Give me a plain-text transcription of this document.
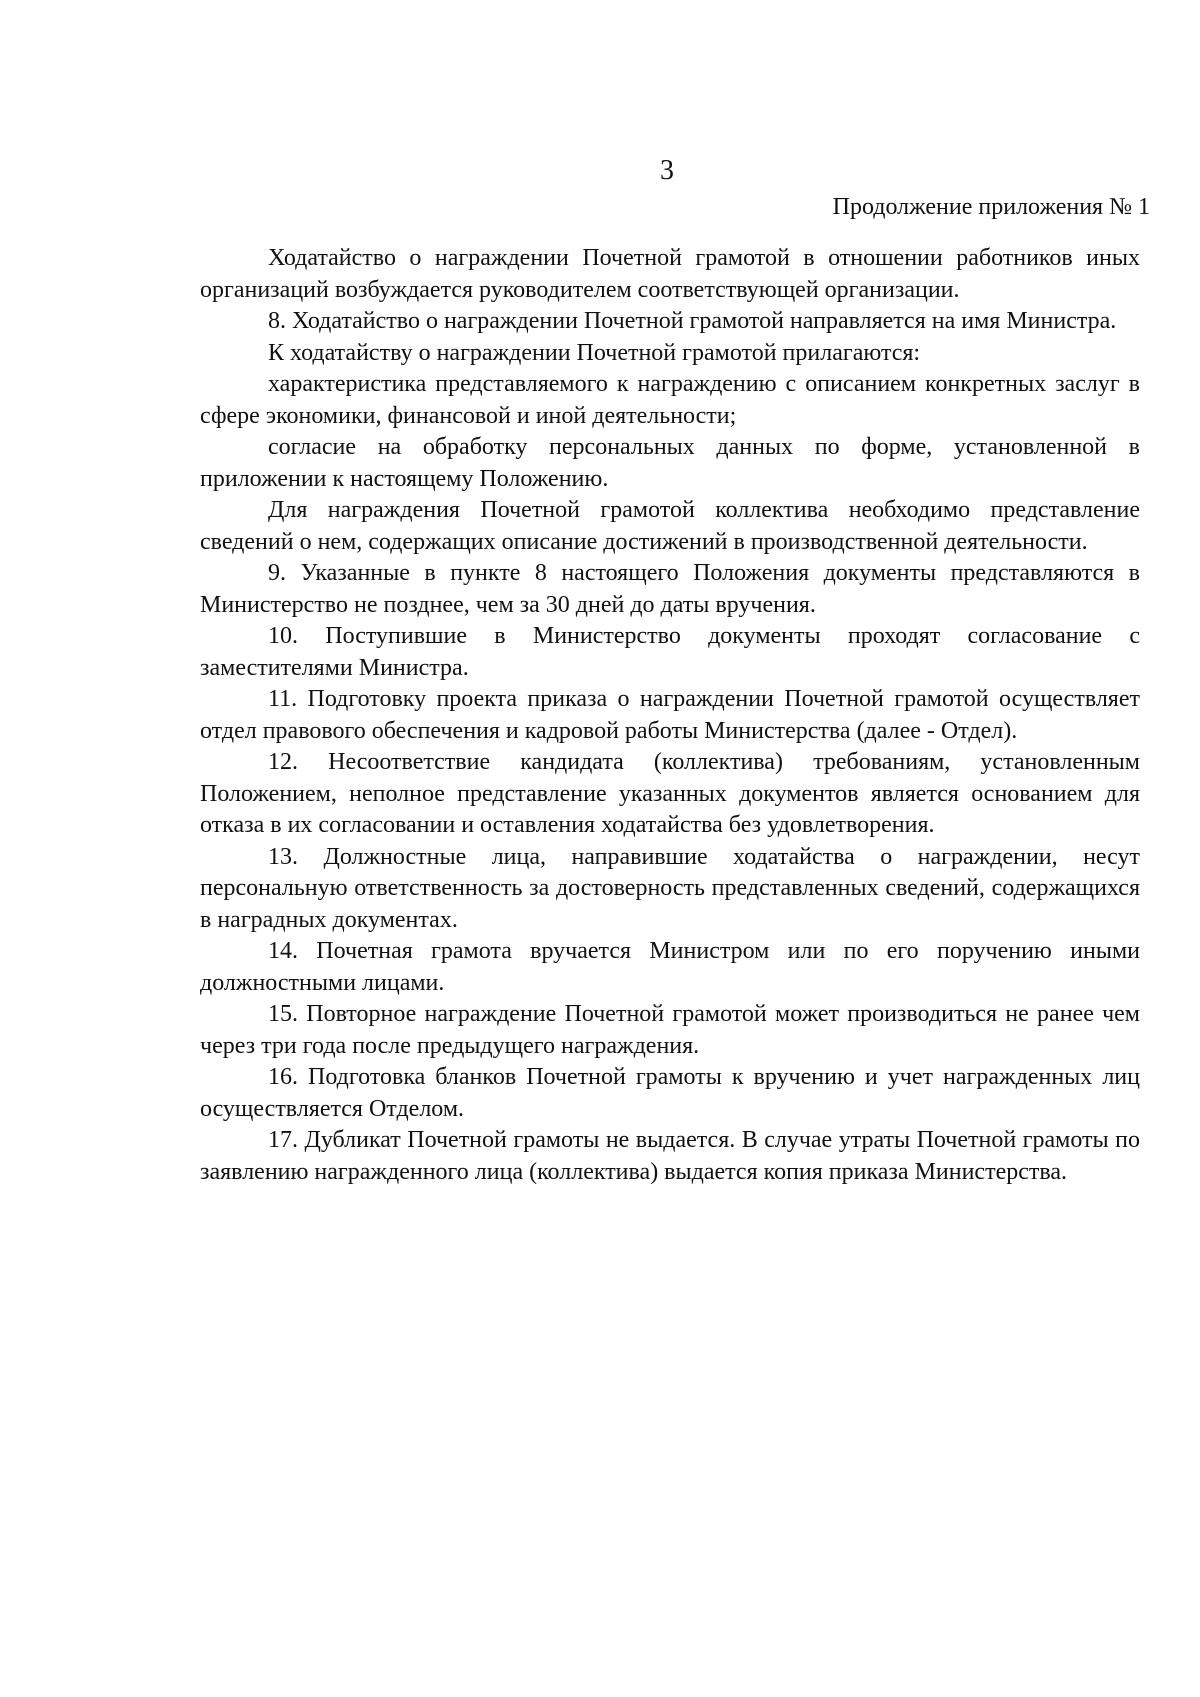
3
Продолжение приложения № 1

Ходатайство о награждении Почетной грамотой в отношении работников иных организаций возбуждается руководителем соответствующей организации.

8. Ходатайство о награждении Почетной грамотой направляется на имя Министра.

К ходатайству о награждении Почетной грамотой прилагаются:

характеристика представляемого к награждению с описанием конкретных заслуг в сфере экономики, финансовой и иной деятельности;

согласие на обработку персональных данных по форме, установленной в приложении к настоящему Положению.

Для награждения Почетной грамотой коллектива необходимо представление сведений о нем, содержащих описание достижений в производственной деятельности.

9. Указанные в пункте 8 настоящего Положения документы представляются в Министерство не позднее, чем за 30 дней до даты вручения.

10. Поступившие в Министерство документы проходят согласование с заместителями Министра.

11. Подготовку проекта приказа о награждении Почетной грамотой осуществляет отдел правового обеспечения и кадровой работы Министерства (далее - Отдел).

12. Несоответствие кандидата (коллектива) требованиям, установленным Положением, неполное представление указанных документов является основанием для отказа в их согласовании и оставления ходатайства без удовлетворения.

13. Должностные лица, направившие ходатайства о награждении, несут персональную ответственность за достоверность представленных сведений, содержащихся в наградных документах.

14. Почетная грамота вручается Министром или по его поручению иными должностными лицами.

15. Повторное награждение Почетной грамотой может производиться не ранее чем через три года после предыдущего награждения.

16. Подготовка бланков Почетной грамоты к вручению и учет награжденных лиц осуществляется Отделом.

17. Дубликат Почетной грамоты не выдается. В случае утраты Почетной грамоты по заявлению награжденного лица (коллектива) выдается копия приказа Министерства.
